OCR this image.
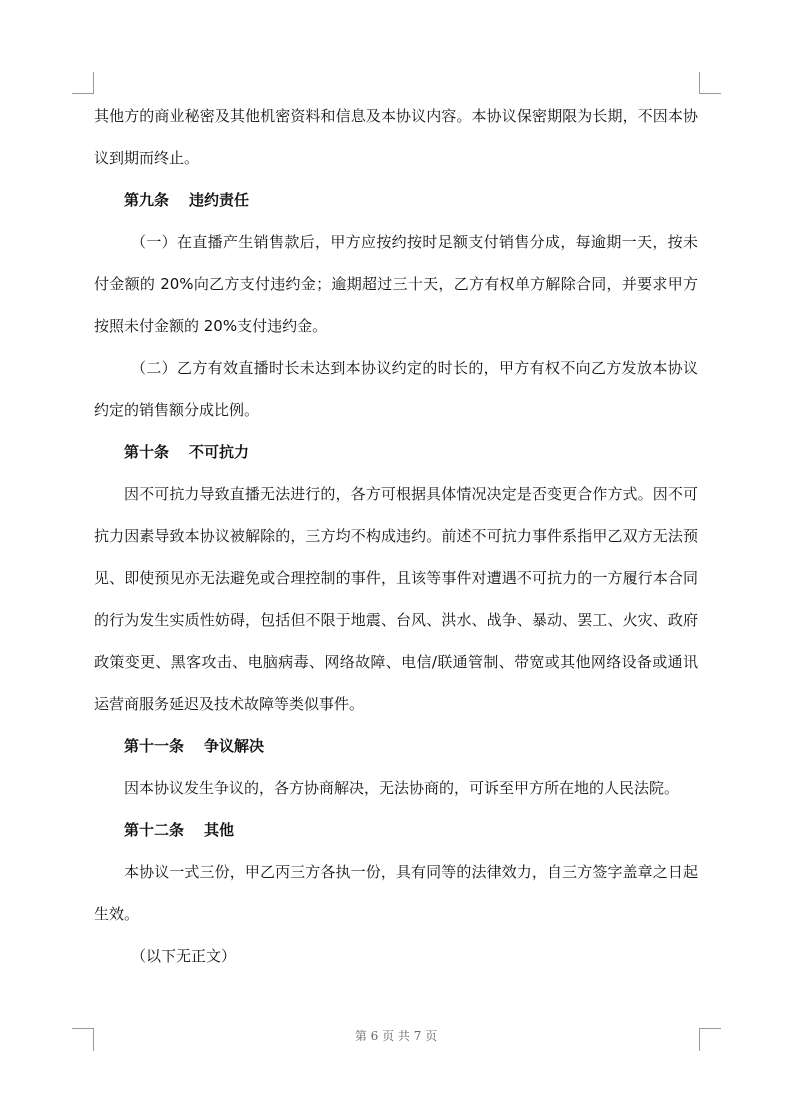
其他方的商业秘密及其他机密资料和信息及本协议内容。本协议保密期限为长期，不因本协议到期而终止。

第九条 违约责任

（一）在直播产生销售款后，甲方应按约按时足额支付销售分成，每逾期一天，按未付金额的 20%向乙方支付违约金；逾期超过三十天，乙方有权单方解除合同，并要求甲方按照未付金额的 20%支付违约金。

（二）乙方有效直播时长未达到本协议约定的时长的，甲方有权不向乙方发放本协议约定的销售额分成比例。

第十条 不可抗力

因不可抗力导致直播无法进行的，各方可根据具体情况决定是否变更合作方式。因不可抗力因素导致本协议被解除的，三方均不构成违约。前述不可抗力事件系指甲乙双方无法预见、即使预见亦无法避免或合理控制的事件，且该等事件对遭遇不可抗力的一方履行本合同的行为发生实质性妨碍，包括但不限于地震、台风、洪水、战争、暴动、罢工、火灾、政府政策变更、黑客攻击、电脑病毒、网络故障、电信/联通管制、带宽或其他网络设备或通讯运营商服务延迟及技术故障等类似事件。

第十一条 争议解决

因本协议发生争议的，各方协商解决，无法协商的，可诉至甲方所在地的人民法院。

第十二条 其他

本协议一式三份，甲乙丙三方各执一份，具有同等的法律效力，自三方签字盖章之日起生效。

（以下无正文）

第 6 页 共 7 页
